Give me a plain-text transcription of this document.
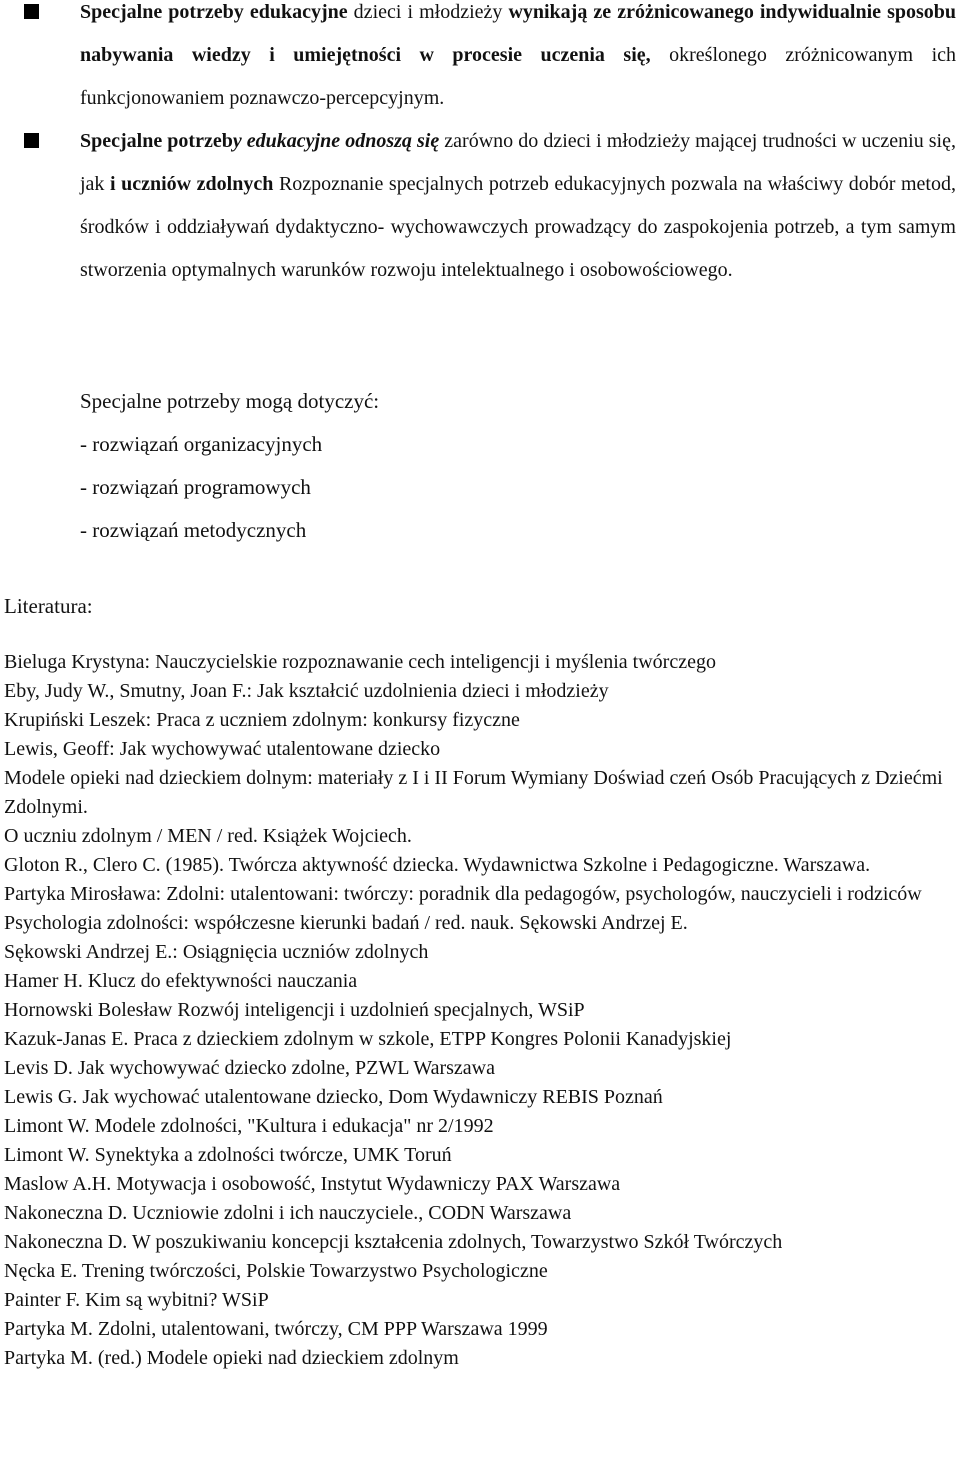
Specjalne potrzeby edukacyjne dzieci i młodzieży wynikają ze zróżnicowanego indywidualnie sposobu nabywania wiedzy i umiejętności w procesie uczenia się, określonego zróżnicowanym ich funkcjonowaniem poznawczo-percepcyjnym.
Specjalne potrzeby edukacyjne odnoszą się zarówno do dzieci i młodzieży mającej trudności w uczeniu się, jak i uczniów zdolnych Rozpoznanie specjalnych potrzeb edukacyjnych pozwala na właściwy dobór metod, środków i oddziaływań dydaktyczno- wychowawczych prowadzący do zaspokojenia potrzeb, a tym samym stworzenia optymalnych warunków rozwoju intelektualnego i osobowościowego.
Specjalne potrzeby mogą dotyczyć:
- rozwiązań organizacyjnych
- rozwiązań programowych
- rozwiązań metodycznych
Literatura:
Bieluga Krystyna: Nauczycielskie rozpoznawanie cech inteligencji i myślenia twórczego
Eby, Judy W., Smutny, Joan F.: Jak kształcić uzdolnienia dzieci i młodzieży
Krupiński Leszek: Praca z uczniem zdolnym: konkursy fizyczne
Lewis, Geoff: Jak wychowywać utalentowane dziecko
Modele opieki nad dzieckiem dolnym: materiały z I i II Forum Wymiany Doświad czeń Osób Pracujących z Dziećmi Zdolnymi.
O uczniu zdolnym / MEN / red. Książek Wojciech.
Gloton R., Clero C. (1985). Twórcza aktywność dziecka. Wydawnictwa Szkolne i Pedagogiczne. Warszawa.
Partyka Mirosława: Zdolni: utalentowani: twórczy: poradnik dla pedagogów, psychologów, nauczycieli i rodziców
Psychologia zdolności: współczesne kierunki badań / red. nauk. Sękowski Andrzej E.
Sękowski Andrzej E.: Osiągnięcia uczniów zdolnych
Hamer H. Klucz do efektywności nauczania
Hornowski Bolesław Rozwój inteligencji i uzdolnień specjalnych, WSiP
Kazuk-Janas E. Praca z dzieckiem zdolnym w szkole, ETPP Kongres Polonii Kanadyjskiej
Levis D. Jak wychowywać dziecko zdolne, PZWL Warszawa
Lewis G. Jak wychować utalentowane dziecko, Dom Wydawniczy REBIS Poznań
Limont W. Modele zdolności, "Kultura i edukacja" nr 2/1992
Limont W. Synektyka a zdolności twórcze, UMK Toruń
Maslow A.H. Motywacja i osobowość, Instytut Wydawniczy PAX Warszawa
Nakoneczna D. Uczniowie zdolni i ich nauczyciele., CODN Warszawa
Nakoneczna D. W poszukiwaniu koncepcji kształcenia zdolnych, Towarzystwo Szkół Twórczych
Nęcka E. Trening twórczości, Polskie Towarzystwo Psychologiczne
Painter F. Kim są wybitni? WSiP
Partyka M. Zdolni, utalentowani, twórczy, CM PPP Warszawa 1999
Partyka M. (red.) Modele opieki nad dzieckiem zdolnym
